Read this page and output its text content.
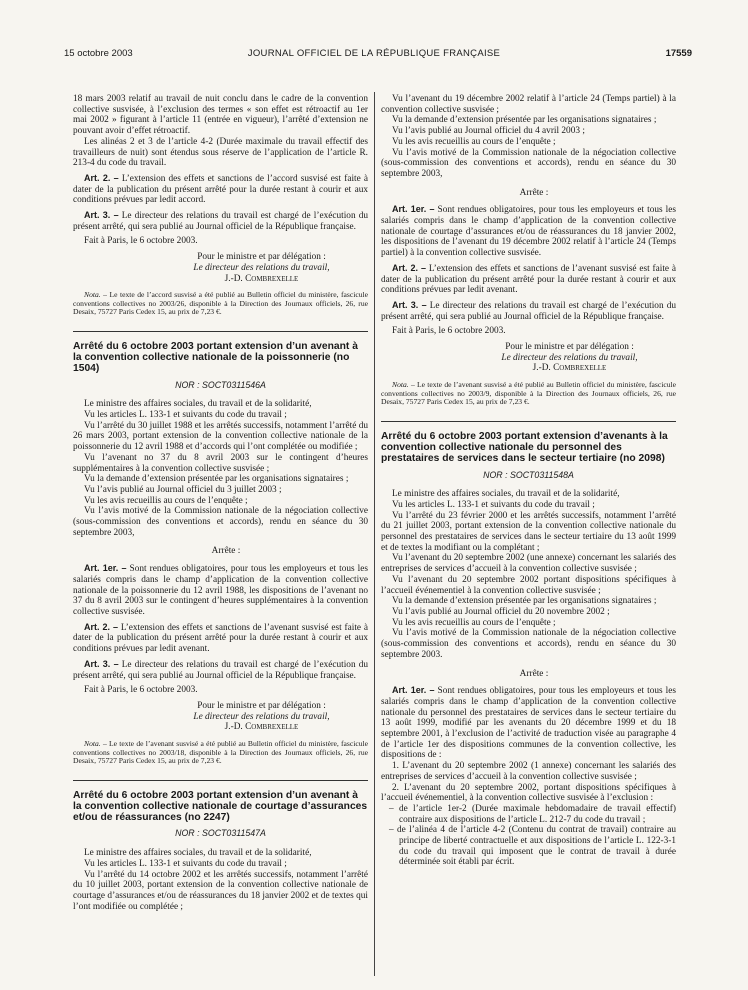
15 octobre 2003	JOURNAL OFFICIEL DE LA RÉPUBLIQUE FRANÇAISE	17559

18 mars 2003 relatif au travail de nuit conclu dans le cadre de la convention collective susvisée, à l’exclusion des termes « son effet est rétroactif au 1er mai 2002 » figurant à l’article 11 (entrée en vigueur), l’arrêté d’extension ne pouvant avoir d’effet rétroactif.

Les alinéas 2 et 3 de l’article 4-2 (Durée maximale du travail effectif des travailleurs de nuit) sont étendus sous réserve de l’application de l’article R. 213-4 du code du travail.

Art. 2. – L’extension des effets et sanctions de l’accord susvisé est faite à dater de la publication du présent arrêté pour la durée restant à courir et aux conditions prévues par ledit accord.

Art. 3. – Le directeur des relations du travail est chargé de l’exécution du présent arrêté, qui sera publié au Journal officiel de la République française.

Fait à Paris, le 6 octobre 2003.

Pour le ministre et par délégation :

Le directeur des relations du travail,

J.-D. Combrexelle

Nota. – Le texte de l’accord susvisé a été publié au Bulletin officiel du ministère, fascicule conventions collectives no 2003/26, disponible à la Direction des Journaux officiels, 26, rue Desaix, 75727 Paris Cedex 15, au prix de 7,23 €.

Arrêté du 6 octobre 2003 portant extension d’un avenant à la convention collective nationale de la poissonnerie (no 1504)
NOR : SOCT0311546A

Le ministre des affaires sociales, du travail et de la solidarité,

Vu les articles L. 133-1 et suivants du code du travail ;

Vu l’arrêté du 30 juillet 1988 et les arrêtés successifs, notamment l’arrêté du 26 mars 2003, portant extension de la convention collective nationale de la poissonnerie du 12 avril 1988 et d’accords qui l’ont complétée ou modifiée ;

Vu l’avenant no 37 du 8 avril 2003 sur le contingent d’heures supplémentaires à la convention collective susvisée ;

Vu la demande d’extension présentée par les organisations signataires ;

Vu l’avis publié au Journal officiel du 3 juillet 2003 ;

Vu les avis recueillis au cours de l’enquête ;

Vu l’avis motivé de la Commission nationale de la négociation collective (sous-commission des conventions et accords), rendu en séance du 30 septembre 2003,

Arrête :

Art. 1er. – Sont rendues obligatoires, pour tous les employeurs et tous les salariés compris dans le champ d’application de la convention collective nationale de la poissonnerie du 12 avril 1988, les dispositions de l’avenant no 37 du 8 avril 2003 sur le contingent d’heures supplémentaires à la convention collective susvisée.

Art. 2. – L’extension des effets et sanctions de l’avenant susvisé est faite à dater de la publication du présent arrêté pour la durée restant à courir et aux conditions prévues par ledit avenant.

Art. 3. – Le directeur des relations du travail est chargé de l’exécution du présent arrêté, qui sera publié au Journal officiel de la République française.

Fait à Paris, le 6 octobre 2003.

Pour le ministre et par délégation :

Le directeur des relations du travail,

J.-D. Combrexelle

Nota. – Le texte de l’avenant susvisé a été publié au Bulletin officiel du ministère, fascicule conventions collectives no 2003/18, disponible à la Direction des Journaux officiels, 26, rue Desaix, 75727 Paris Cedex 15, au prix de 7,23 €.

Arrêté du 6 octobre 2003 portant extension d’un avenant à la convention collective nationale de courtage d’assurances et/ou de réassurances (no 2247)
NOR : SOCT0311547A

Le ministre des affaires sociales, du travail et de la solidarité,

Vu les articles L. 133-1 et suivants du code du travail ;

Vu l’arrêté du 14 octobre 2002 et les arrêtés successifs, notamment l’arrêté du 10 juillet 2003, portant extension de la convention collective nationale de courtage d’assurances et/ou de réassurances du 18 janvier 2002 et de textes qui l’ont modifiée ou complétée ;

Vu l’avenant du 19 décembre 2002 relatif à l’article 24 (Temps partiel) à la convention collective susvisée ;

Vu la demande d’extension présentée par les organisations signataires ;

Vu l’avis publié au Journal officiel du 4 avril 2003 ;

Vu les avis recueillis au cours de l’enquête ;

Vu l’avis motivé de la Commission nationale de la négociation collective (sous-commission des conventions et accords), rendu en séance du 30 septembre 2003,

Arrête :

Art. 1er. – Sont rendues obligatoires, pour tous les employeurs et tous les salariés compris dans le champ d’application de la convention collective nationale de courtage d’assurances et/ou de réassurances du 18 janvier 2002, les dispositions de l’avenant du 19 décembre 2002 relatif à l’article 24 (Temps partiel) à la convention collective susvisée.

Art. 2. – L’extension des effets et sanctions de l’avenant susvisé est faite à dater de la publication du présent arrêté pour la durée restant à courir et aux conditions prévues par ledit avenant.

Art. 3. – Le directeur des relations du travail est chargé de l’exécution du présent arrêté, qui sera publié au Journal officiel de la République française.

Fait à Paris, le 6 octobre 2003.

Pour le ministre et par délégation :

Le directeur des relations du travail,

J.-D. Combrexelle

Nota. – Le texte de l’avenant susvisé a été publié au Bulletin officiel du ministère, fascicule conventions collectives no 2003/9, disponible à la Direction des Journaux officiels, 26, rue Desaix, 75727 Paris Cedex 15, au prix de 7,23 €.

Arrêté du 6 octobre 2003 portant extension d’avenants à la convention collective nationale du personnel des prestataires de services dans le secteur tertiaire (no 2098)
NOR : SOCT0311548A

Le ministre des affaires sociales, du travail et de la solidarité,

Vu les articles L. 133-1 et suivants du code du travail ;

Vu l’arrêté du 23 février 2000 et les arrêtés successifs, notamment l’arrêté du 21 juillet 2003, portant extension de la convention collective nationale du personnel des prestataires de services dans le secteur tertiaire du 13 août 1999 et de textes la modifiant ou la complétant ;

Vu l’avenant du 20 septembre 2002 (une annexe) concernant les salariés des entreprises de services d’accueil à la convention collective susvisée ;

Vu l’avenant du 20 septembre 2002 portant dispositions spécifiques à l’accueil événementiel à la convention collective susvisée ;

Vu la demande d’extension présentée par les organisations signataires ;

Vu l’avis publié au Journal officiel du 20 novembre 2002 ;

Vu les avis recueillis au cours de l’enquête ;

Vu l’avis motivé de la Commission nationale de la négociation collective (sous-commission des conventions et accords), rendu en séance du 30 septembre 2003.

Arrête :

Art. 1er. – Sont rendues obligatoires, pour tous les employeurs et tous les salariés compris dans le champ d’application de la convention collective nationale du personnel des prestataires de services dans le secteur tertiaire du 13 août 1999, modifié par les avenants du 20 décembre 1999 et du 18 septembre 2001, à l’exclusion de l’activité de traduction visée au paragraphe 4 de l’article 1er des dispositions communes de la convention collective, les dispositions de :

1. L’avenant du 20 septembre 2002 (1 annexe) concernant les salariés des entreprises de services d’accueil à la convention collective susvisée ;

2. L’avenant du 20 septembre 2002, portant dispositions spécifiques à l’accueil événementiel, à la convention collective susvisée à l’exclusion :

– de l’article 1er-2 (Durée maximale hebdomadaire de travail effectif) contraire aux dispositions de l’article L. 212-7 du code du travail ;
– de l’alinéa 4 de l’article 4-2 (Contenu du contrat de travail) contraire au principe de liberté contractuelle et aux dispositions de l’article L. 122-3-1 du code du travail qui imposent que le contrat de travail à durée déterminée soit établi par écrit.
